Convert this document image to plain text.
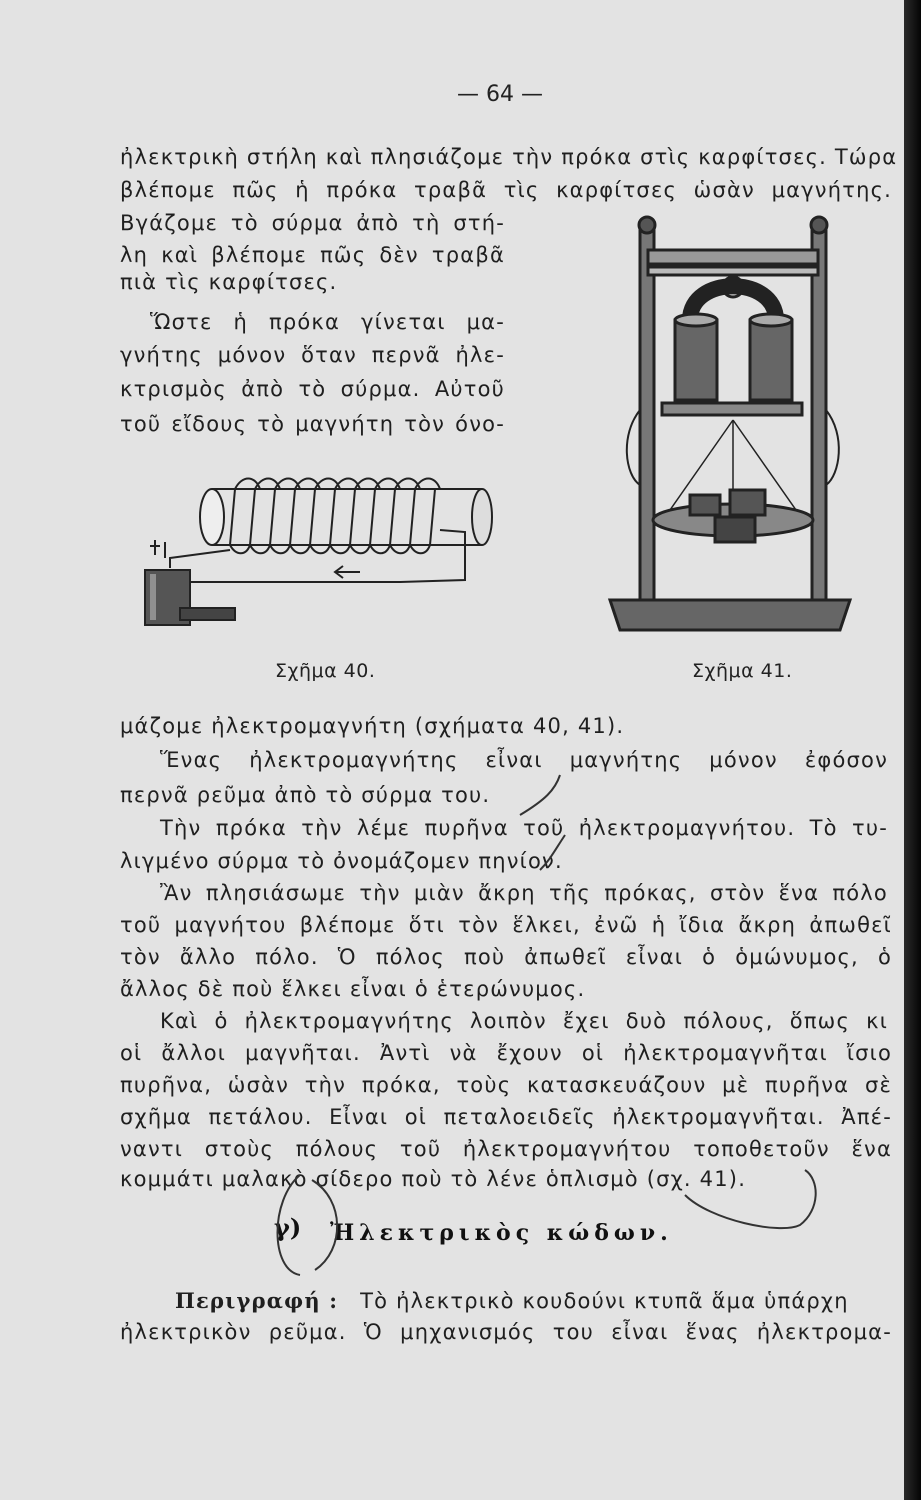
— 64 —
ἠλεκτρικὴ στήλη καὶ πλησιάζομε τὴν πρόκα στὶς καρφίτσες. Τώρα
βλέπομε πῶς ἡ πρόκα τραβᾶ τὶς καρφίτσες ὡσὰν μαγνήτης.
Βγάζομε τὸ σύρμα ἀπὸ τὴ στή-
λη καὶ βλέπομε πῶς δὲν τραβᾶ
πιὰ τὶς καρφίτσες.
Ὥστε ἡ πρόκα γίνεται μα-
γνήτης μόνον ὅταν περνᾶ ἠλε-
κτρισμὸς ἀπὸ τὸ σύρμα. Αὐτοῦ
τοῦ εἴδους τὸ μαγνήτη τὸν όνο-
Σχῆμα 40.	Σχῆμα 41.
μάζομε ἠλεκτρομαγνήτη (σχήματα 40, 41).
Ἕνας ἠλεκτρομαγνήτης εἶναι μαγνήτης μόνον ἐφόσον
περνᾶ ρεῦμα ἀπὸ τὸ σύρμα του.
Τὴν πρόκα τὴν λέμε πυρῆνα τοῦ ἠλεκτρομαγνήτου. Τὸ τυ-
λιγμένο σύρμα τὸ ὀνομάζομεν πηνίον.
Ἂν πλησιάσωμε τὴν μιὰν ἄκρη τῆς πρόκας, στὸν ἕνα πόλο
τοῦ μαγνήτου βλέπομε ὅτι τὸν ἕλκει, ἐνῶ ἡ ἴδια ἄκρη ἀπωθεῖ
τὸν ἄλλο πόλο. Ὁ πόλος ποὺ ἀπωθεῖ εἶναι ὁ ὁμώνυμος, ὁ
ἄλλος δὲ ποὺ ἕλκει εἶναι ὁ ἑτερώνυμος.
Καὶ ὁ ἠλεκτρομαγνήτης λοιπὸν ἔχει δυὸ πόλους, ὅπως κι
οἱ ἄλλοι μαγνῆται. Ἀντὶ νὰ ἔχουν οἱ ἠλεκτρομαγνῆται ἴσιο
πυρῆνα, ὡσὰν τὴν πρόκα, τοὺς κατασκευάζουν μὲ πυρῆνα σὲ
σχῆμα πετάλου. Εἶναι οἱ πεταλοειδεῖς ἠλεκτρομαγνῆται. Ἀπέ-
ναντι στοὺς πόλους τοῦ ἠλεκτρομαγνήτου τοποθετοῦν ἕνα
κομμάτι μαλακὸ σίδερο ποὺ τὸ λένε ὁπλισμὸ (σχ. 41).
γ) Ἠλεκτρικὸς κώδων.
Περιγραφή : Τὸ ἠλεκτρικὸ κουδούνι κτυπᾶ ἅμα ὑπάρχη
ἠλεκτρικὸν ρεῦμα. Ὁ μηχανισμός του εἶναι ἕνας ἠλεκτρομα-
